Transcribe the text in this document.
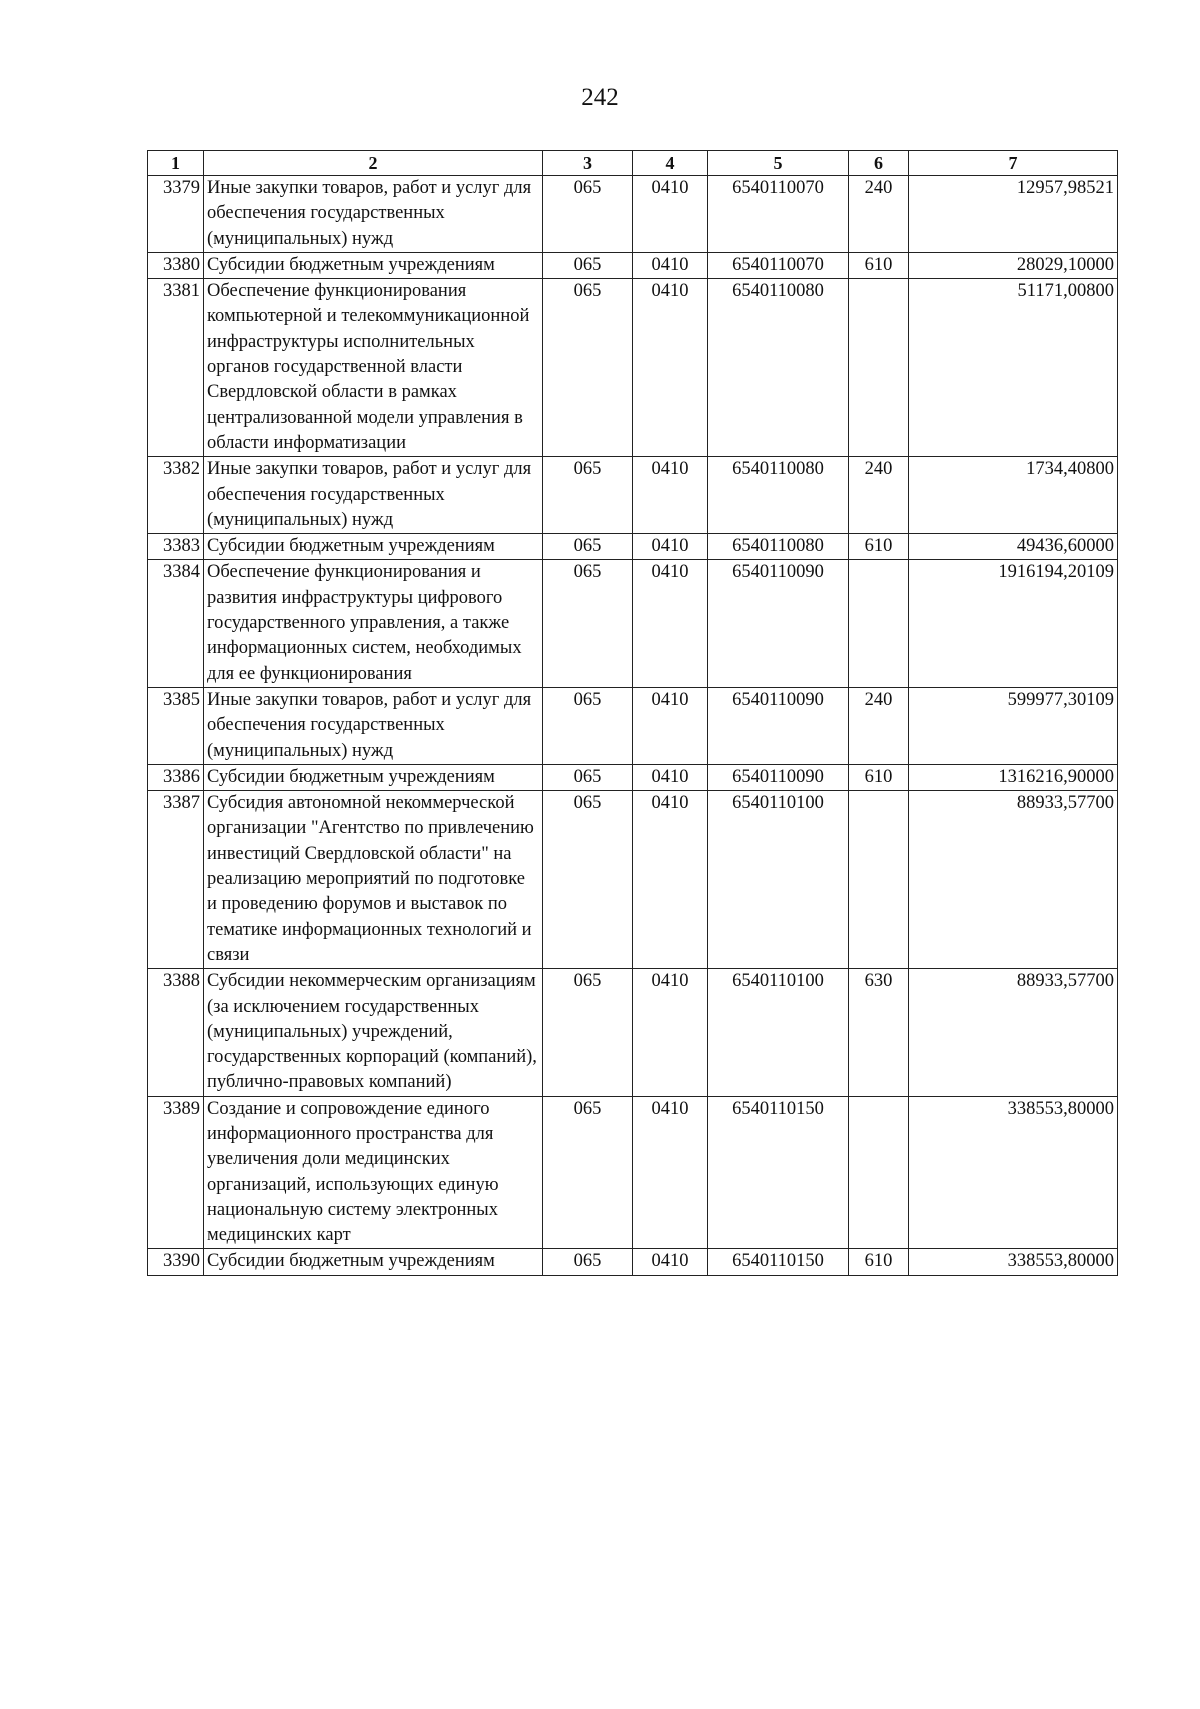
242
1	2	3	4	5	6	7
3379	Иные закупки товаров, работ и услуг для обеспечения государственных (муниципальных) нужд	065	0410	6540110070	240	12957,98521
3380	Субсидии бюджетным учреждениям	065	0410	6540110070	610	28029,10000
3381	Обеспечение функционирования компьютерной и телекоммуникационной инфраструктуры исполнительных органов государственной власти Свердловской области в рамках централизованной модели управления в области информатизации	065	0410	6540110080		51171,00800
3382	Иные закупки товаров, работ и услуг для обеспечения государственных (муниципальных) нужд	065	0410	6540110080	240	1734,40800
3383	Субсидии бюджетным учреждениям	065	0410	6540110080	610	49436,60000
3384	Обеспечение функционирования и развития инфраструктуры цифрового государственного управления, а также информационных систем, необходимых для ее функционирования	065	0410	6540110090		1916194,20109
3385	Иные закупки товаров, работ и услуг для обеспечения государственных (муниципальных) нужд	065	0410	6540110090	240	599977,30109
3386	Субсидии бюджетным учреждениям	065	0410	6540110090	610	1316216,90000
3387	Субсидия автономной некоммерческой организации "Агентство по привлечению инвестиций Свердловской области" на реализацию мероприятий по подготовке и проведению форумов и выставок по тематике информационных технологий и связи	065	0410	6540110100		88933,57700
3388	Субсидии некоммерческим организациям (за исключением государственных (муниципальных) учреждений, государственных корпораций (компаний), публично-правовых компаний)	065	0410	6540110100	630	88933,57700
3389	Создание и сопровождение единого информационного пространства для увеличения доли медицинских организаций, использующих единую национальную систему электронных медицинских карт	065	0410	6540110150		338553,80000
3390	Субсидии бюджетным учреждениям	065	0410	6540110150	610	338553,80000
